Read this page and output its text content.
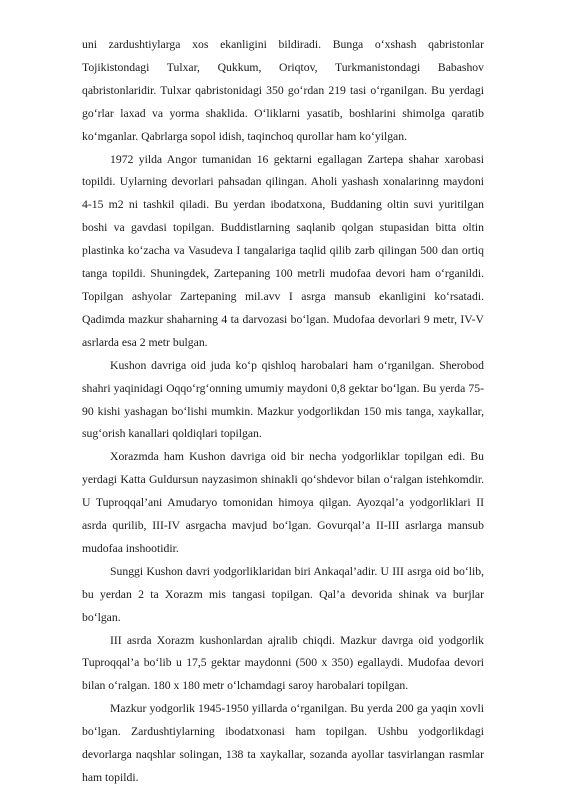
uni zardushtiylarga xos ekanligini bildiradi. Bunga o‘xshash qabristonlar Tojikistondagi Tulxar, Qukkum, Oriqtov, Turkmanistondagi Babashov qabristonlaridir. Tulxar qabristonidagi 350 go‘rdan 219 tasi o‘rganilgan. Bu yerdagi go‘rlar laxad va yorma shaklida. O‘liklarni yasatib, boshlarini shimolga qaratib ko‘mganlar. Qabrlarga sopol idish, taqinchoq qurollar ham ko‘yilgan.

1972 yilda Angor tumanidan 16 gektarni egallagan Zartepa shahar xarobasi topildi. Uylarning devorlari pahsadan qilingan. Aholi yashash xonalarinng maydoni 4-15 m2 ni tashkil qiladi. Bu yerdan ibodatxona, Buddaning oltin suvi yuritilgan boshi va gavdasi topilgan. Buddistlarning saqlanib qolgan stupasidan bitta oltin plastinka ko‘zacha va Vasudeva I tangalariga taqlid qilib zarb qilingan 500 dan ortiq tanga topildi. Shuningdek, Zartepaning 100 metrli mudofaa devori ham o‘rganildi. Topilgan ashyolar Zartepaning mil.avv I asrga mansub ekanligini ko‘rsatadi. Qadimda mazkur shaharning 4 ta darvozasi bo‘lgan. Mudofaa devorlari 9 metr, IV-V asrlarda esa 2 metr bulgan.

Kushon davriga oid juda ko‘p qishloq harobalari ham o‘rganilgan. Sherobod shahri yaqinidagi Oqqo‘rg‘onning umumiy maydoni 0,8 gektar bo‘lgan. Bu yerda 75-90 kishi yashagan bo‘lishi mumkin. Mazkur yodgorlikdan 150 mis tanga, xaykallar, sug‘orish kanallari qoldiqlari topilgan.

Xorazmda ham Kushon davriga oid bir necha yodgorliklar topilgan edi. Bu yerdagi Katta Guldursun nayzasimon shinakli qo‘shdevor bilan o‘ralgan istehkomdir. U Tuproqqal’ani Amudaryo tomonidan himoya qilgan. Ayozqal’a yodgorliklari II asrda qurilib, III-IV asrgacha mavjud bo‘lgan. Govurqal’a II-III asrlarga mansub mudofaa inshootidir.

Sunggi Kushon davri yodgorliklaridan biri Ankaqal’adir. U III asrga oid bo‘lib, bu yerdan 2 ta Xorazm mis tangasi topilgan. Qal’a devorida shinak va burjlar bo‘lgan.

III asrda Xorazm kushonlardan ajralib chiqdi. Mazkur davrga oid yodgorlik Tuproqqal’a bo‘lib u 17,5 gektar maydonni (500 x 350) egallaydi. Mudofaa devori bilan o‘ralgan. 180 x 180 metr o‘lchamdagi saroy harobalari topilgan.

Mazkur yodgorlik 1945-1950 yillarda o‘rganilgan. Bu yerda 200 ga yaqin xovli bo‘lgan. Zardushtiylarning ibodatxonasi ham topilgan. Ushbu yodgorlikdagi devorlarga naqshlar solingan, 138 ta xaykallar, sozanda ayollar tasvirlangan rasmlar ham topildi.
